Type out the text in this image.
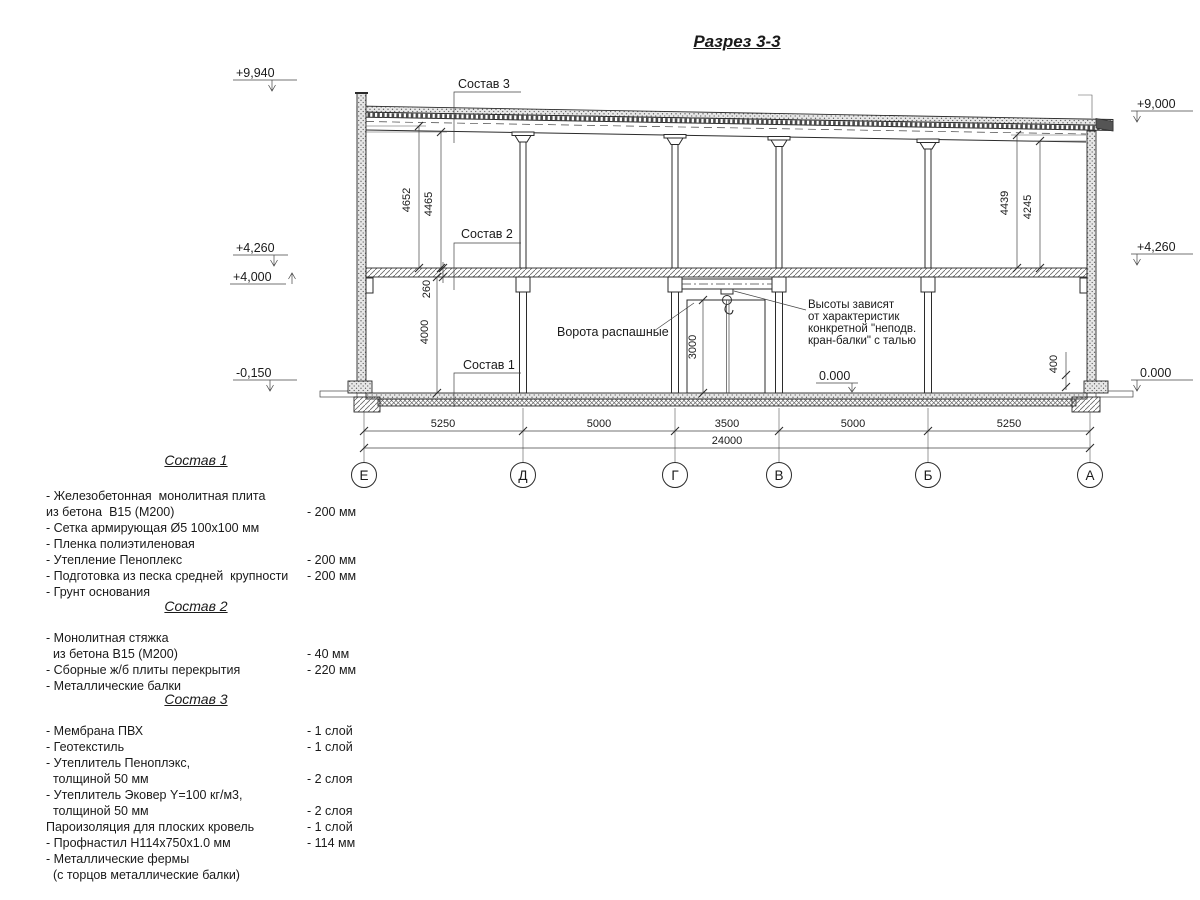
Разрез 3-3
4652 4465
260
4000
3000
4439 4245
400
5250	5000	3500	5000	5250
24000
Е	Д	Г	В	Б	А
+9,940
+4,260
+4,000
-0,150
+9,000
+4,260
0.000
0.000
Состав 3
Состав 2
Состав 1
Ворота распашные
Высоты зависят
от характеристик
конкретной "неподв.
кран-балки" с талью
Состав 1
- Железобетонная  монолитная плита
из бетона  В15 (М200)	- 200 мм
- Сетка армирующая Ø5 100х100 мм
- Пленка полиэтиленовая
- Утепление Пеноплекс	- 200 мм
- Подготовка из песка средней  крупности - 200 мм
- Грунт основания
Состав 2
- Монолитная стяжка
из бетона В15 (М200)	- 40 мм
- Сборные ж/б плиты перекрытия	- 220 мм
- Металлические балки
Состав 3
- Мембрана ПВХ	- 1 слой
- Геотекстиль	- 1 слой
- Утеплитель Пеноплэкс,
толщиной 50 мм	- 2 слоя
- Утеплитель Эковер Y=100 кг/м3,
толщиной 50 мм	- 2 слоя
Пароизоляция для плоских кровель	- 1 слой
- Профнастил Н114х750х1.0 мм	- 114 мм
- Металлические фермы
(с торцов металлические балки)
